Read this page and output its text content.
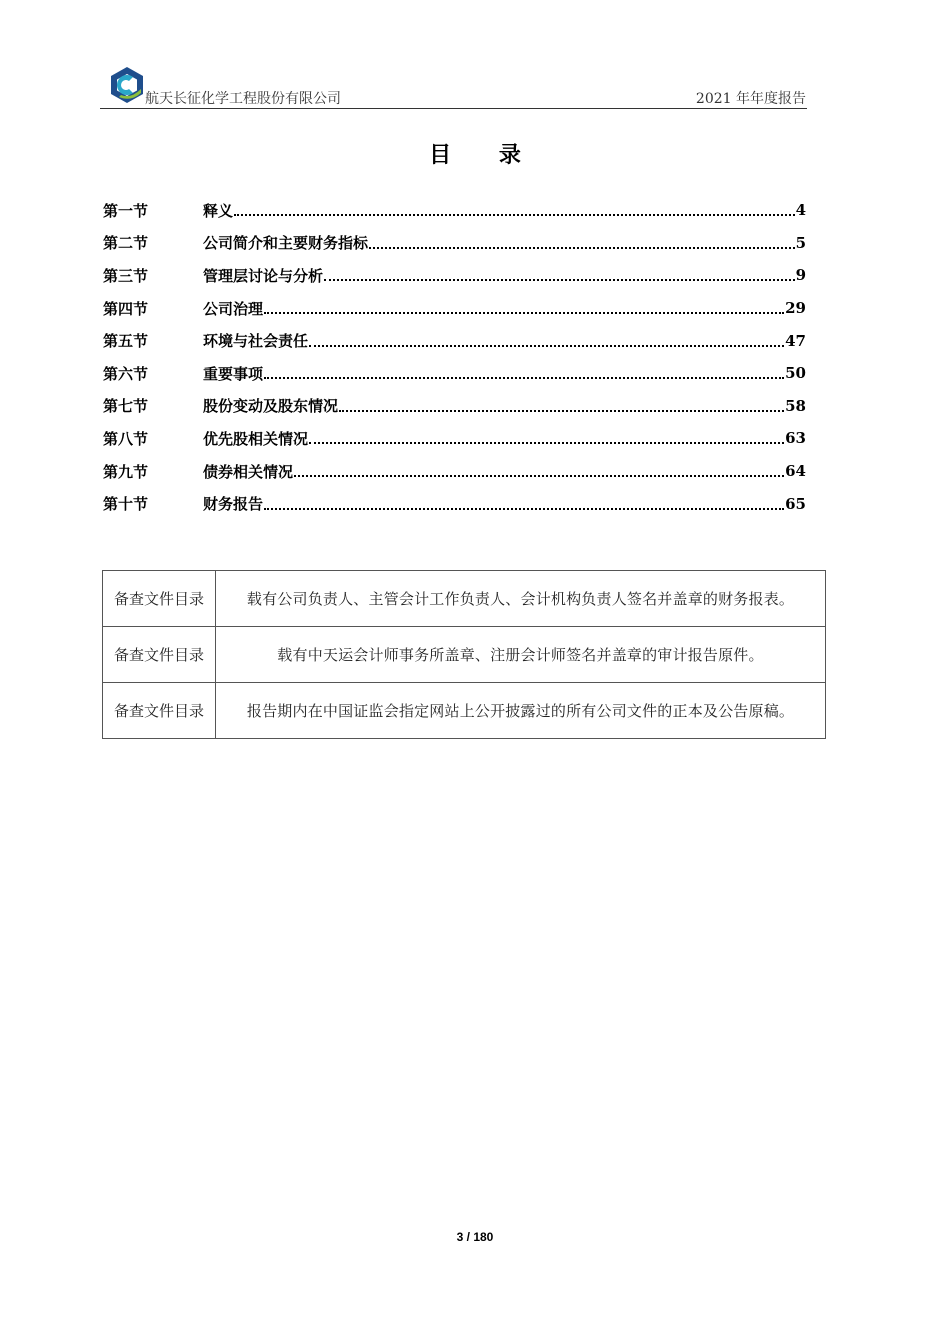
航天长征化学工程股份有限公司	2021 年年度报告
目 录
第一节	释义	4
第二节	公司简介和主要财务指标	5
第三节	管理层讨论与分析	9
第四节	公司治理	29
第五节	环境与社会责任	47
第六节	重要事项	50
第七节	股份变动及股东情况	58
第八节	优先股相关情况	63
第九节	债券相关情况	64
第十节	财务报告	65
备查文件目录	载有公司负责人、主管会计工作负责人、会计机构负责人签名并盖章的财务报表。
备查文件目录	载有中天运会计师事务所盖章、注册会计师签名并盖章的审计报告原件。
备查文件目录	报告期内在中国证监会指定网站上公开披露过的所有公司文件的正本及公告原稿。
3 / 180
